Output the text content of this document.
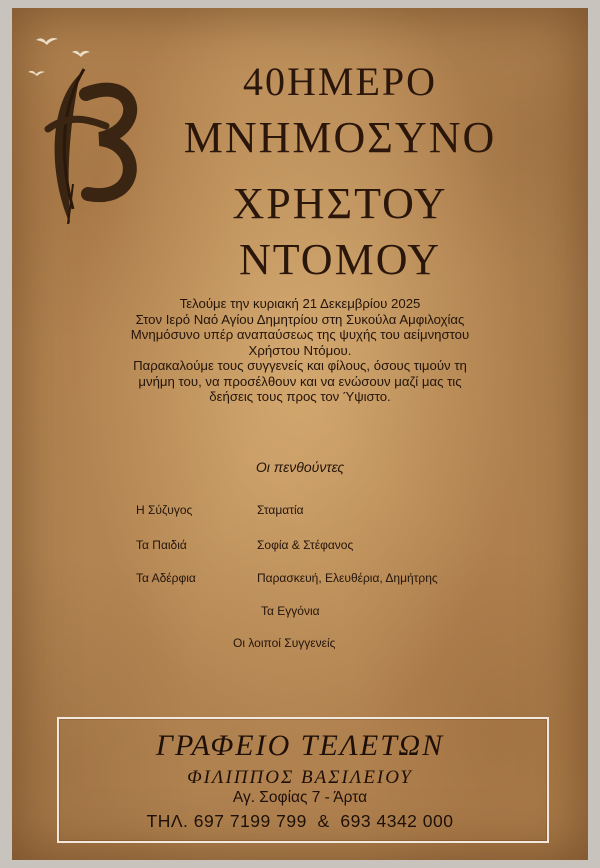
40ΗΜΕΡΟ
ΜΝΗΜΟΣΥΝΟ
ΧΡΗΣΤΟΥ
ΝΤΟΜΟΥ

Τελούμε την κυριακή 21 Δεκεμβρίου 2025

Στον Ιερό Ναό Αγίου Δημητρίου στη Συκούλα Αμφιλοχίας

Μνημόσυνο υπέρ αναπαύσεως της ψυχής του αείμνηστου

Χρήστου Ντόμου.

Παρακαλούμε τους συγγενείς και φίλους, όσους τιμούν τη

μνήμη του, να προσέλθουν και να ενώσουν μαζί μας τις

δεήσεις τους προς τον Ύψιστο.

Οι πενθούντες
Η Σύζυγος	Σταματία
Τα Παιδιά	Σοφία & Στέφανος
Τα Αδέρφια	Παρασκευή, Ελευθέρια, Δημήτρης
Τα Εγγόνια
Οι λοιποί Συγγενείς
ΓΡΑΦΕΙΟ ΤΕΛΕΤΩΝ
ΦΙΛΙΠΠΟΣ ΒΑΣΙΛΕΙΟΥ
Αγ. Σοφίας 7 - Άρτα
ΤΗΛ. 697 7199 799  &  693 4342 000
